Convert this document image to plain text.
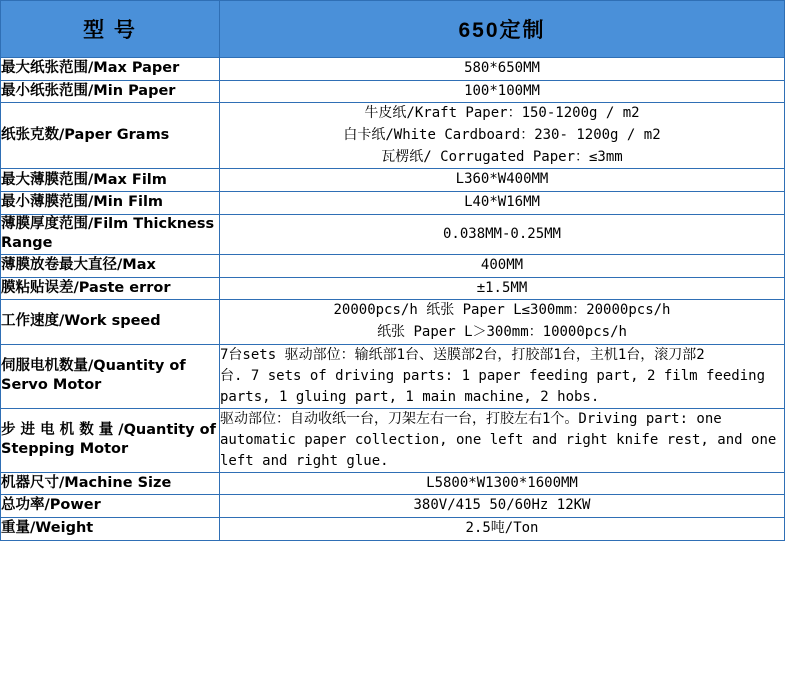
型 号	650定制
最大纸张范围/Max Paper	580*650MM

最小纸张范围/Min Paper	100*100MM

纸张克数/Paper Grams	牛皮纸/Kraft Paper：150-1200g / m2
白卡纸/White Cardboard：230- 1200g / m2
瓦楞纸/ Corrugated Paper：≤3mm

最大薄膜范围/Max Film	L360*W400MM

最小薄膜范围/Min Film	L40*W16MM

薄膜厚度范围/Film Thickness Range	0.038MM-0.25MM

薄膜放卷最大直径/Max	400MM

膜粘贴误差/Paste error	±1.5MM

工作速度/Work speed	20000pcs/h 纸张 Paper L≤300mm：20000pcs/h
纸张 Paper L＞300mm：10000pcs/h

伺服电机数量/Quantity of Servo Motor	7台sets 驱动部位：输纸部1台、送膜部2台，打胶部1台，主机1台，滚刀部2
台. 7 sets of driving parts: 1 paper feeding part, 2 film feeding
parts, 1 gluing part, 1 main machine, 2 hobs.

步 进 电 机 数 量 /Quantity of Stepping Motor	驱动部位：自动收纸一台，刀架左右一台，打胶左右1个。Driving part: one
automatic paper collection, one left and right knife rest, and one
left and right glue.

机器尺寸/Machine Size	L5800*W1300*1600MM

总功率/Power	380V/415 50/60Hz 12KW

重量/Weight	2.5吨/Ton
